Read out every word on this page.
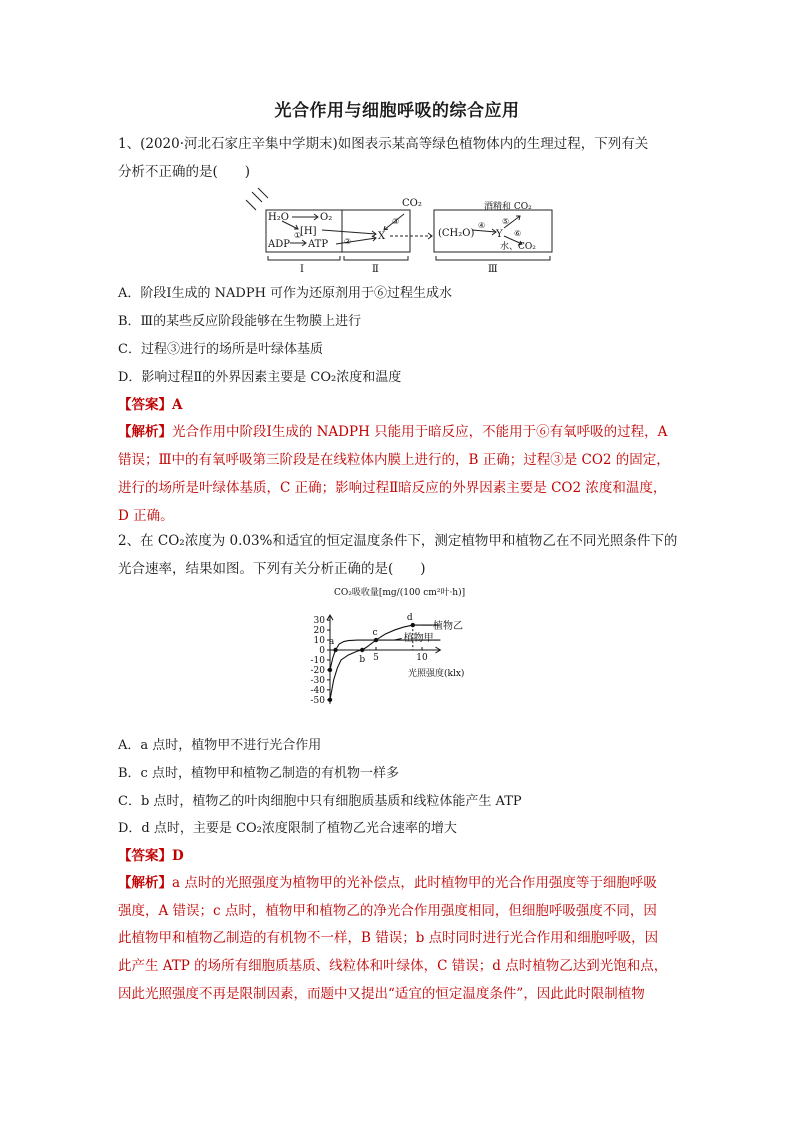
光合作用与细胞呼吸的综合应用
1、(2020·河北石家庄辛集中学期末)如图表示某高等绿色植物体内的生理过程，下列有关
分析不正确的是(　　)
H₂O	O₂
[H]
①
ADP ATP ②	X
③
CO₂
(CH₂O)
④
Y
⑤
⑥
酒精和 CO₂
水、CO₂
Ⅰ	Ⅱ	Ⅲ
A．阶段Ⅰ生成的 NADPH 可作为还原剂用于⑥过程生成水
B．Ⅲ的某些反应阶段能够在生物膜上进行
C．过程③进行的场所是叶绿体基质
D．影响过程Ⅱ的外界因素主要是 CO₂浓度和温度
【答案】A
【解析】光合作用中阶段Ⅰ生成的 NADPH 只能用于暗反应，不能用于⑥有氧呼吸的过程，A
错误；Ⅲ中的有氧呼吸第三阶段是在线粒体内膜上进行的，B 正确；过程③是 CO2 的固定，
进行的场所是叶绿体基质，C 正确；影响过程Ⅱ暗反应的外界因素主要是 CO2 浓度和温度，
D 正确。
2、在 CO₂浓度为 0.03%和适宜的恒定温度条件下，测定植物甲和植物乙在不同光照条件下的
光合速率，结果如图。下列有关分析正确的是(　　)
CO₂吸收量[mg/(100 cm²叶·h)]
光照强度(klx)
30
20
10
0
-10
-20
-30
-40
-50
5	10
植物甲
植物乙
a
b
c
d
A．a 点时，植物甲不进行光合作用
B．c 点时，植物甲和植物乙制造的有机物一样多
C．b 点时，植物乙的叶肉细胞中只有细胞质基质和线粒体能产生 ATP
D．d 点时，主要是 CO₂浓度限制了植物乙光合速率的增大
【答案】D
【解析】a 点时的光照强度为植物甲的光补偿点，此时植物甲的光合作用强度等于细胞呼吸
强度，A 错误；c 点时，植物甲和植物乙的净光合作用强度相同，但细胞呼吸强度不同，因
此植物甲和植物乙制造的有机物不一样，B 错误；b 点时同时进行光合作用和细胞呼吸，因
此产生 ATP 的场所有细胞质基质、线粒体和叶绿体，C 错误；d 点时植物乙达到光饱和点，
因此光照强度不再是限制因素，而题中又提出“适宜的恒定温度条件”，因此此时限制植物
